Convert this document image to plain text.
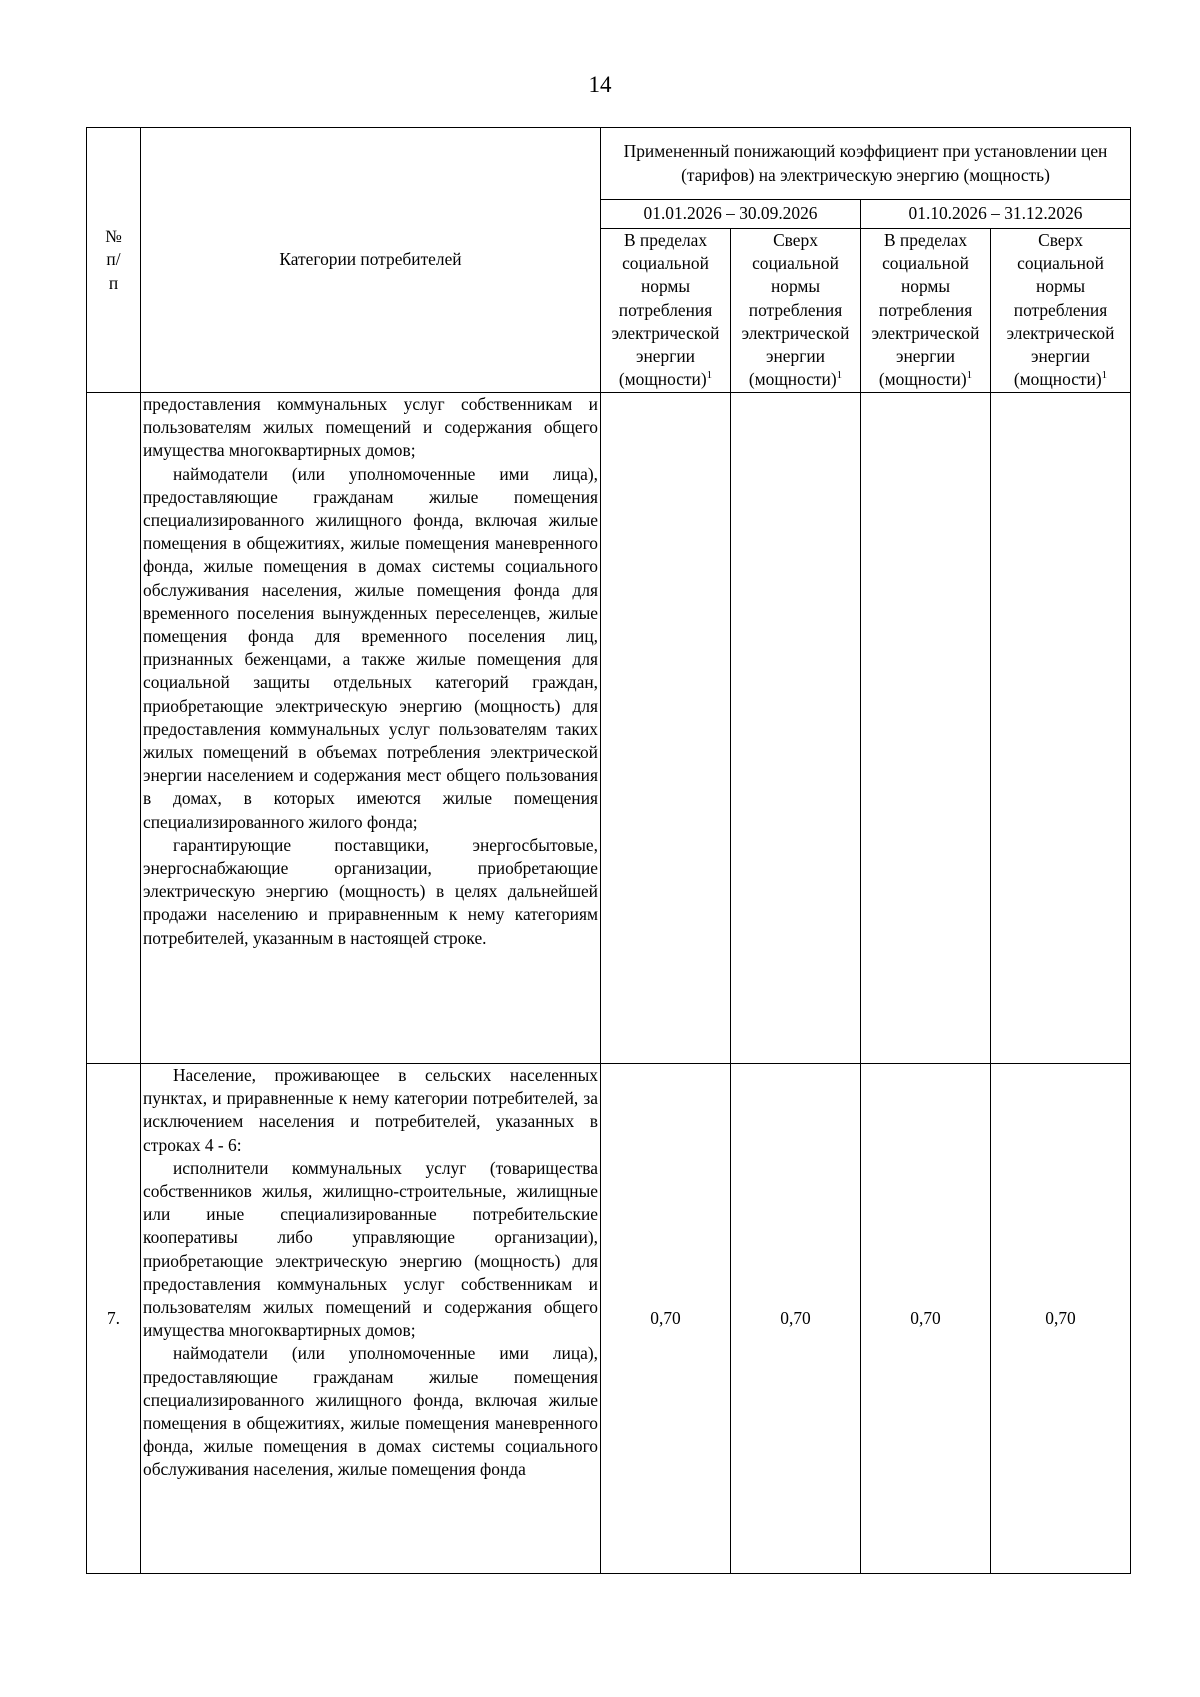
14
№ п/п	Категории потребителей	Примененный понижающий коэффициент при установлении цен (тарифов) на электрическую энергию (мощность)			
		01.01.2026 – 30.09.2026		01.10.2026 – 31.12.2026	
		В пределах социальной нормы потребления электрической энергии (мощности)$^1$	Сверх социальной нормы потребления электрической энергии (мощности)$^1$	В пределах социальной нормы потребления электрической энергии (мощности)$^1$	Сверх социальной нормы потребления электрической энергии (мощности)$^1$

	предоставления коммунальных услуг собственникам и пользователям жилых помещений и содержания общего имущества многоквартирных домов;

наймодатели (или уполномоченные ими лица), предоставляющие гражданам жилые помещения специализированного жилищного фонда, включая жилые помещения в общежитиях, жилые помещения маневренного фонда, жилые помещения в домах системы социального обслуживания населения, жилые помещения фонда для временного поселения вынужденных переселенцев, жилые помещения фонда для временного поселения лиц, признанных беженцами, а также жилые помещения для социальной защиты отдельных категорий граждан, приобретающие электрическую энергию (мощность) для предоставления коммунальных услуг пользователям таких жилых помещений в объемах потребления электрической энергии населением и содержания мест общего пользования в домах, в которых имеются жилые помещения специализированного жилого фонда;

гарантирующие поставщики, энергосбытовые, энергоснабжающие организации, приобретающие электрическую энергию (мощность) в целях дальнейшей продажи населению и приравненным к нему категориям потребителей, указанным в настоящей строке.				

7.	Население, проживающее в сельских населенных пунктах, и приравненные к нему категории потребителей, за исключением населения и потребителей, указанных в строках 4 - 6:

исполнители коммунальных услуг (товарищества собственников жилья, жилищно-строительные, жилищные или иные специализированные потребительские кооперативы либо управляющие организации), приобретающие электрическую энергию (мощность) для предоставления коммунальных услуг собственникам и пользователям жилых помещений и содержания общего имущества многоквартирных домов;

наймодатели (или уполномоченные ими лица), предоставляющие гражданам жилые помещения специализированного жилищного фонда, включая жилые помещения в общежитиях, жилые помещения маневренного фонда, жилые помещения в домах системы социального обслуживания населения, жилые помещения фонда	0,70	0,70	0,70	0,70
